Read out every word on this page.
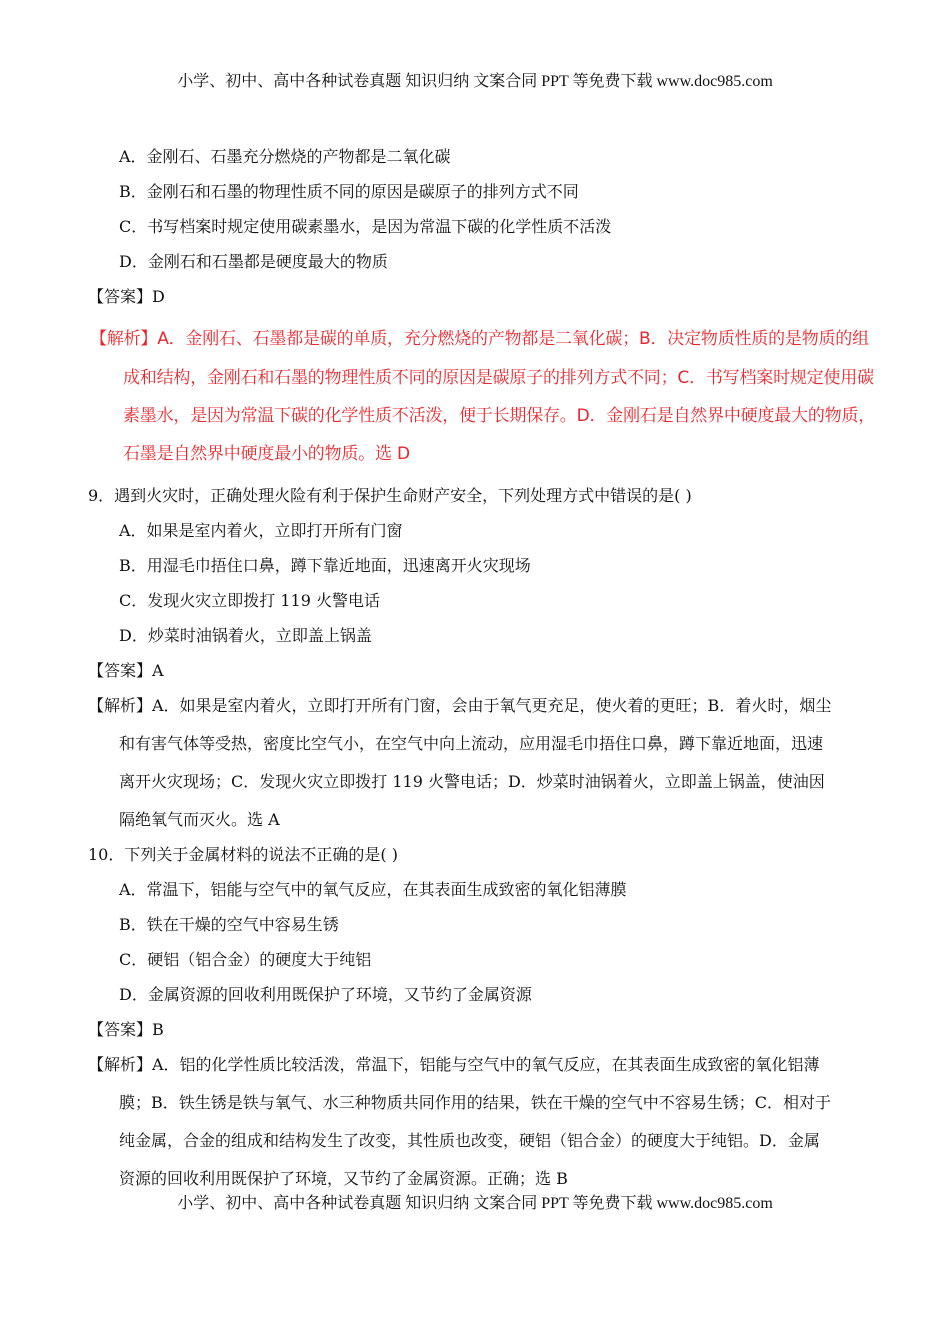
小学、初中、高中各种试卷真题 知识归纳 文案合同 PPT 等免费下载 www.doc985.com
A．金刚石、石墨充分燃烧的产物都是二氧化碳
B．金刚石和石墨的物理性质不同的原因是碳原子的排列方式不同
C．书写档案时规定使用碳素墨水，是因为常温下碳的化学性质不活泼
D．金刚石和石墨都是硬度最大的物质
【答案】D
【解析】A．金刚石、石墨都是碳的单质，充分燃烧的产物都是二氧化碳；B．决定物质性质的是物质的组
成和结构，金刚石和石墨的物理性质不同的原因是碳原子的排列方式不同；C．书写档案时规定使用碳
素墨水，是因为常温下碳的化学性质不活泼，便于长期保存。D．金刚石是自然界中硬度最大的物质，
石墨是自然界中硬度最小的物质。选 D
9．遇到火灾时，正确处理火险有利于保护生命财产安全，下列处理方式中错误的是( )
A．如果是室内着火，立即打开所有门窗
B．用湿毛巾捂住口鼻，蹲下靠近地面，迅速离开火灾现场
C．发现火灾立即拨打 119 火警电话
D．炒菜时油锅着火，立即盖上锅盖
【答案】A
【解析】A．如果是室内着火，立即打开所有门窗，会由于氧气更充足，使火着的更旺；B．着火时，烟尘
和有害气体等受热，密度比空气小，在空气中向上流动，应用湿毛巾捂住口鼻，蹲下靠近地面，迅速
离开火灾现场；C．发现火灾立即拨打 119 火警电话；D．炒菜时油锅着火，立即盖上锅盖，使油因
隔绝氧气而灭火。选 A
10．下列关于金属材料的说法不正确的是( )
A．常温下，铝能与空气中的氧气反应，在其表面生成致密的氧化铝薄膜
B．铁在干燥的空气中容易生锈
C．硬铝（铝合金）的硬度大于纯铝
D．金属资源的回收利用既保护了环境，又节约了金属资源
【答案】B
【解析】A．铝的化学性质比较活泼，常温下，铝能与空气中的氧气反应，在其表面生成致密的氧化铝薄
膜；B．铁生锈是铁与氧气、水三种物质共同作用的结果，铁在干燥的空气中不容易生锈；C．相对于
纯金属，合金的组成和结构发生了改变，其性质也改变，硬铝（铝合金）的硬度大于纯铝。D．金属
资源的回收利用既保护了环境，又节约了金属资源。正确；选 B
小学、初中、高中各种试卷真题 知识归纳 文案合同 PPT 等免费下载 www.doc985.com
